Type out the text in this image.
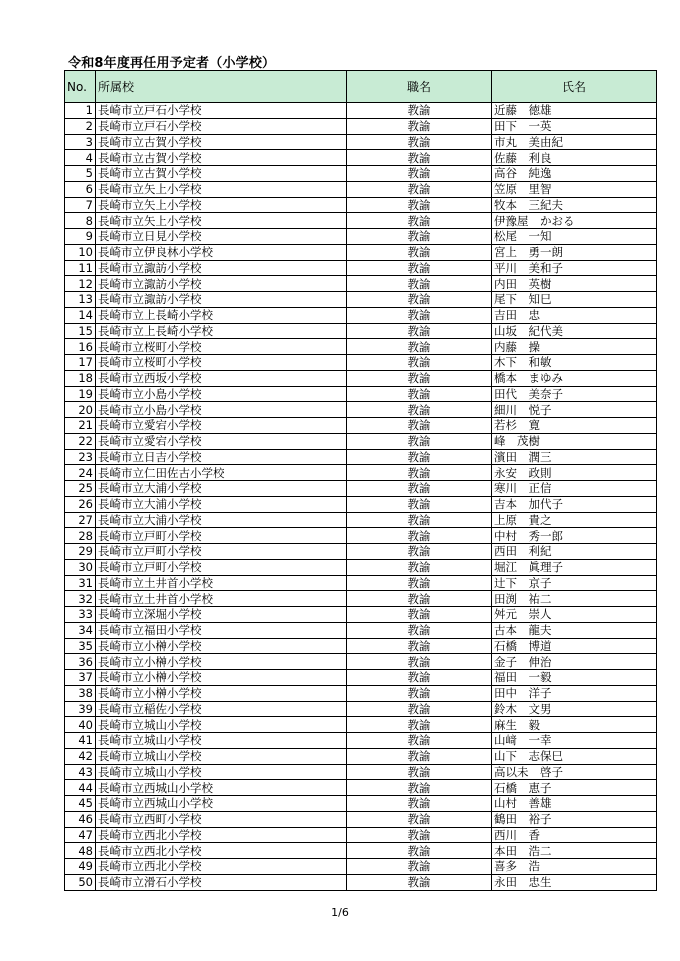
令和8年度再任用予定者（小学校）
No.	所属校	職名	氏名
1	長崎市立戸石小学校	教諭	近藤　徳雄
2	長崎市立戸石小学校	教諭	田下　一英
3	長崎市立古賀小学校	教諭	市丸　美由紀
4	長崎市立古賀小学校	教諭	佐藤　利良
5	長崎市立古賀小学校	教諭	高谷　純逸
6	長崎市立矢上小学校	教諭	笠原　里智
7	長崎市立矢上小学校	教諭	牧本　三紀夫
8	長崎市立矢上小学校	教諭	伊豫屋　かおる
9	長崎市立日見小学校	教諭	松尾　一知
10	長崎市立伊良林小学校	教諭	宮上　勇一朗
11	長崎市立諏訪小学校	教諭	平川　美和子
12	長崎市立諏訪小学校	教諭	内田　英樹
13	長崎市立諏訪小学校	教諭	尾下　知巳
14	長崎市立上長崎小学校	教諭	吉田　忠
15	長崎市立上長崎小学校	教諭	山坂　紀代美
16	長崎市立桜町小学校	教諭	内藤　操
17	長崎市立桜町小学校	教諭	木下　和敏
18	長崎市立西坂小学校	教諭	橋本　まゆみ
19	長崎市立小島小学校	教諭	田代　美奈子
20	長崎市立小島小学校	教諭	細川　悦子
21	長崎市立愛宕小学校	教諭	若杉　寛
22	長崎市立愛宕小学校	教諭	峰　茂樹
23	長崎市立日吉小学校	教諭	濱田　潤三
24	長崎市立仁田佐古小学校	教諭	永安　政則
25	長崎市立大浦小学校	教諭	寒川　正信
26	長崎市立大浦小学校	教諭	吉本　加代子
27	長崎市立大浦小学校	教諭	上原　貴之
28	長崎市立戸町小学校	教諭	中村　秀一郎
29	長崎市立戸町小学校	教諭	西田　利紀
30	長崎市立戸町小学校	教諭	堀江　眞理子
31	長崎市立土井首小学校	教諭	辻下　京子
32	長崎市立土井首小学校	教諭	田渕　祐二
33	長崎市立深堀小学校	教諭	舛元　崇人
34	長崎市立福田小学校	教諭	古本　龍夫
35	長崎市立小榊小学校	教諭	石橋　博道
36	長崎市立小榊小学校	教諭	金子　伸治
37	長崎市立小榊小学校	教諭	福田　一毅
38	長崎市立小榊小学校	教諭	田中　洋子
39	長崎市立稲佐小学校	教諭	鈴木　文男
40	長崎市立城山小学校	教諭	麻生　毅
41	長崎市立城山小学校	教諭	山﨑　一幸
42	長崎市立城山小学校	教諭	山下　志保巳
43	長崎市立城山小学校	教諭	高以未　啓子
44	長崎市立西城山小学校	教諭	石橋　恵子
45	長崎市立西城山小学校	教諭	山村　善雄
46	長崎市立西町小学校	教諭	鶴田　裕子
47	長崎市立西北小学校	教諭	西川　香
48	長崎市立西北小学校	教諭	本田　浩二
49	長崎市立西北小学校	教諭	喜多　浩
50	長崎市立滑石小学校	教諭	永田　忠生
1/6
